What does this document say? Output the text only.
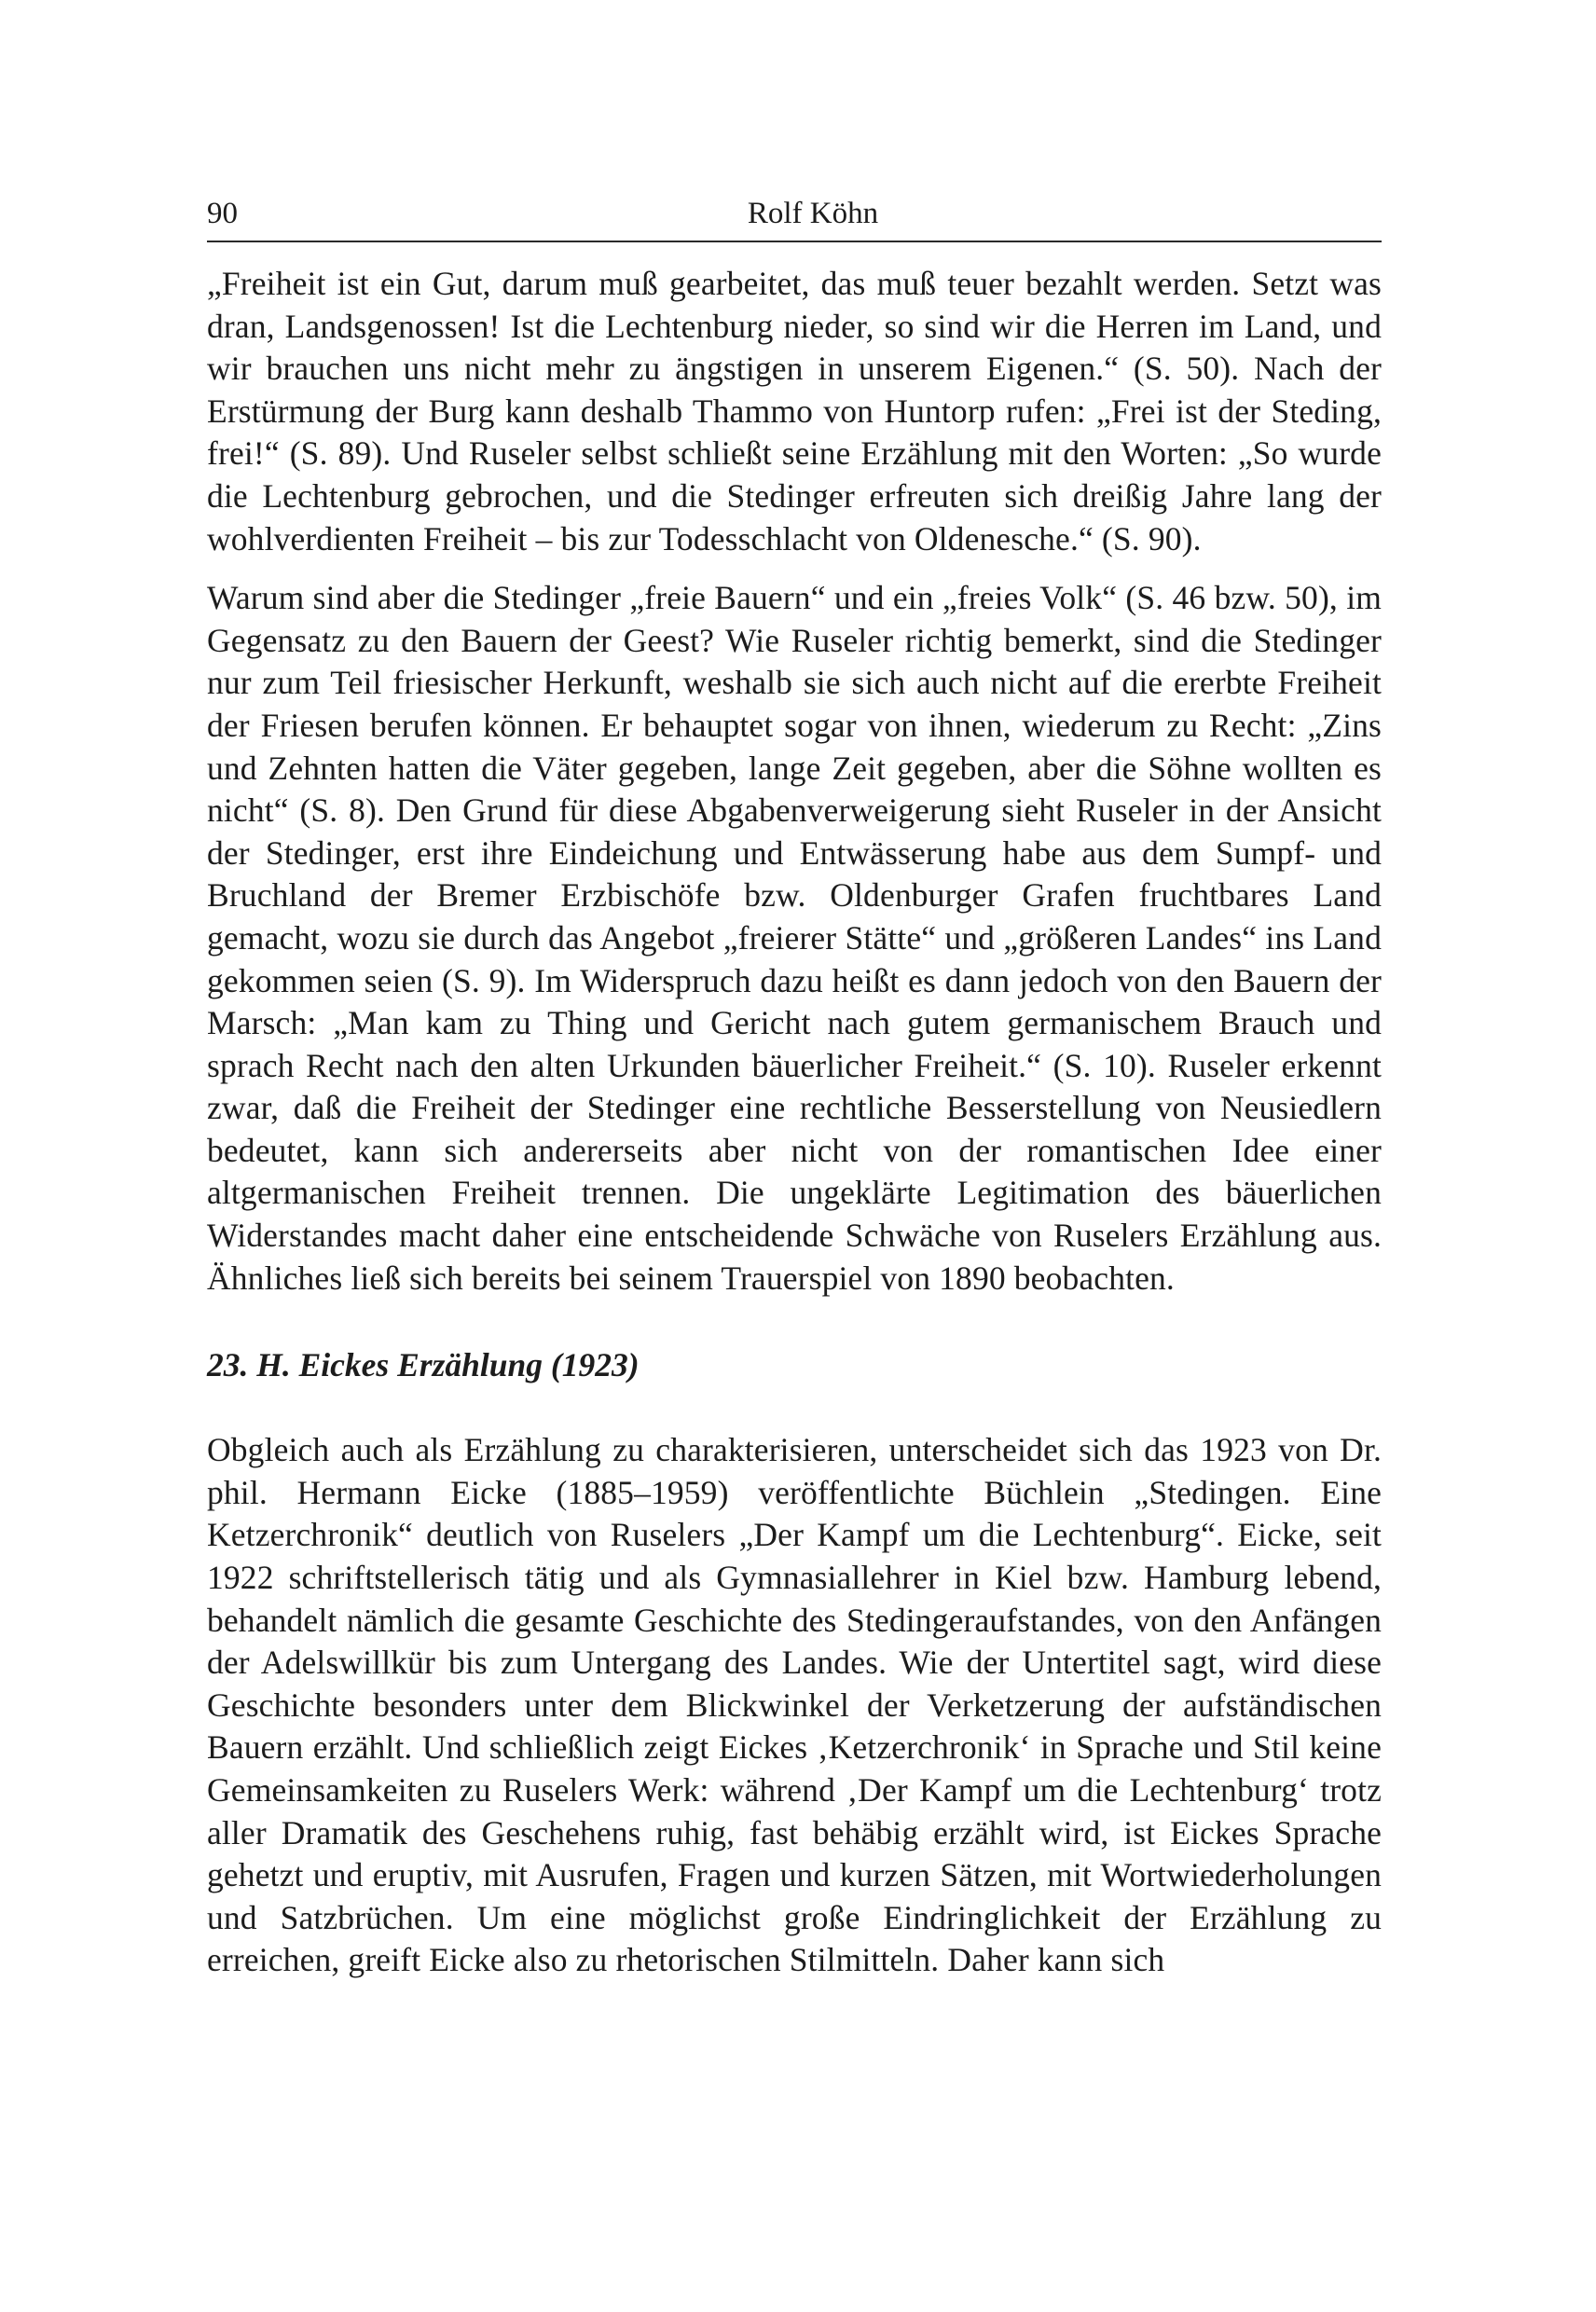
90	Rolf Köhn

„Freiheit ist ein Gut, darum muß gearbeitet, das muß teuer bezahlt werden. Setzt was dran, Landsgenossen! Ist die Lechtenburg nieder, so sind wir die Herren im Land, und wir brauchen uns nicht mehr zu ängstigen in unserem Eigenen.“ (S. 50). Nach der Erstürmung der Burg kann deshalb Thammo von Huntorp rufen: „Frei ist der Steding, frei!“ (S. 89). Und Ruseler selbst schließt seine Erzählung mit den Worten: „So wurde die Lechtenburg gebrochen, und die Stedinger erfreuten sich dreißig Jahre lang der wohlverdienten Freiheit – bis zur Todesschlacht von Oldenesche.“ (S. 90).

Warum sind aber die Stedinger „freie Bauern“ und ein „freies Volk“ (S. 46 bzw. 50), im Gegensatz zu den Bauern der Geest? Wie Ruseler richtig bemerkt, sind die Stedinger nur zum Teil friesischer Herkunft, weshalb sie sich auch nicht auf die ererbte Freiheit der Friesen berufen können. Er behauptet sogar von ihnen, wiederum zu Recht: „Zins und Zehnten hatten die Väter gegeben, lange Zeit gegeben, aber die Söhne wollten es nicht“ (S. 8). Den Grund für diese Abgabenverweigerung sieht Ruseler in der Ansicht der Stedinger, erst ihre Eindeichung und Entwässerung habe aus dem Sumpf- und Bruchland der Bremer Erzbischöfe bzw. Oldenburger Grafen fruchtbares Land gemacht, wozu sie durch das Angebot „freierer Stätte“ und „größeren Landes“ ins Land gekommen seien (S. 9). Im Widerspruch dazu heißt es dann jedoch von den Bauern der Marsch: „Man kam zu Thing und Gericht nach gutem germanischem Brauch und sprach Recht nach den alten Urkunden bäuerlicher Freiheit.“ (S. 10). Ruseler erkennt zwar, daß die Freiheit der Stedinger eine rechtliche Besserstellung von Neusiedlern bedeutet, kann sich andererseits aber nicht von der romantischen Idee einer altgermanischen Freiheit trennen. Die ungeklärte Legitimation des bäuerlichen Widerstandes macht daher eine entscheidende Schwäche von Ruselers Erzählung aus. Ähnliches ließ sich bereits bei seinem Trauerspiel von 1890 beobachten.

23. H. Eickes Erzählung (1923)

Obgleich auch als Erzählung zu charakterisieren, unterscheidet sich das 1923 von Dr. phil. Hermann Eicke (1885–1959) veröffentlichte Büchlein „Stedingen. Eine Ketzerchronik“ deutlich von Ruselers „Der Kampf um die Lechtenburg“. Eicke, seit 1922 schriftstellerisch tätig und als Gymnasiallehrer in Kiel bzw. Hamburg lebend, behandelt nämlich die gesamte Geschichte des Stedingeraufstandes, von den Anfängen der Adelswillkür bis zum Untergang des Landes. Wie der Untertitel sagt, wird diese Geschichte besonders unter dem Blickwinkel der Verketzerung der aufständischen Bauern erzählt. Und schließlich zeigt Eickes ‚Ketzerchronik‘ in Sprache und Stil keine Gemeinsamkeiten zu Ruselers Werk: während ‚Der Kampf um die Lechtenburg‘ trotz aller Dramatik des Geschehens ruhig, fast behäbig erzählt wird, ist Eickes Sprache gehetzt und eruptiv, mit Ausrufen, Fragen und kurzen Sätzen, mit Wortwiederholungen und Satzbrüchen. Um eine möglichst große Eindringlichkeit der Erzählung zu erreichen, greift Eicke also zu rhetorischen Stilmitteln. Daher kann sich
